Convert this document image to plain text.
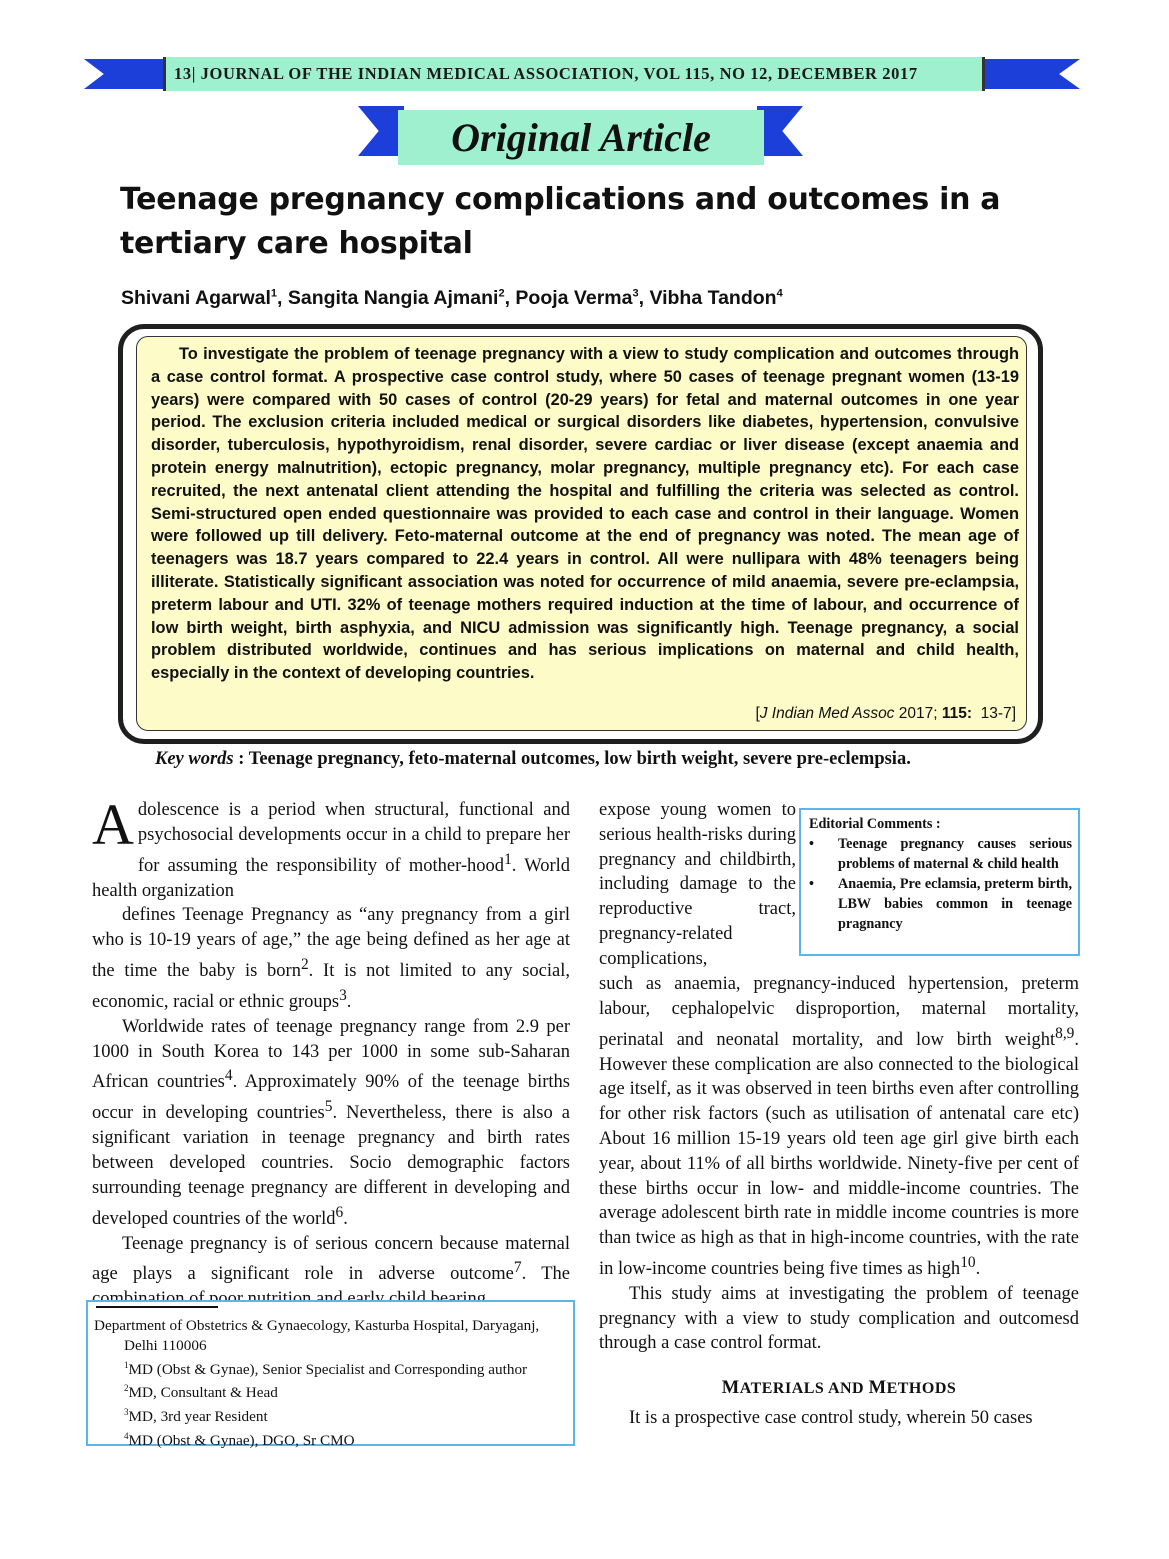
13| JOURNAL OF THE INDIAN MEDICAL ASSOCIATION, VOL 115, NO 12, DECEMBER 2017
Original Article
Teenage pregnancy complications and outcomes in a tertiary care hospital
Shivani Agarwal$^1$, Sangita Nangia Ajmani$^2$, Pooja Verma$^3$, Vibha Tandon$^4$
To investigate the problem of teenage pregnancy with a view to study complication and outcomes through a case control format. A prospective case control study, where 50 cases of teenage pregnant women (13-19 years) were compared with 50 cases of control (20-29 years) for fetal and maternal outcomes in one year period. The exclusion criteria included medical or surgical disorders like diabetes, hypertension, convulsive disorder, tuberculosis, hypothyroidism, renal disorder, severe cardiac or liver disease (except anaemia and protein energy malnutrition), ectopic pregnancy, molar pregnancy, multiple pregnancy etc). For each case recruited, the next antenatal client attending the hospital and fulfilling the criteria was selected as control. Semi-structured open ended questionnaire was provided to each case and control in their language. Women were followed up till delivery. Feto-maternal outcome at the end of pregnancy was noted. The mean age of teenagers was 18.7 years compared to 22.4 years in control. All were nullipara with 48% teenagers being illiterate. Statistically significant association was noted for occurrence of mild anaemia, severe pre-eclampsia, preterm labour and UTI. 32% of teenage mothers required induction at the time of labour, and occurrence of low birth weight, birth asphyxia, and NICU admission was significantly high. Teenage pregnancy, a social problem distributed worldwide, continues and has serious implications on maternal and child health, especially in the context of developing countries.
[J Indian Med Assoc 2017; 115: 13-7]
Key words : Teenage pregnancy, feto-maternal outcomes, low birth weight, severe pre-eclempsia.

Adolescence is a period when structural, functional and psychosocial developments occur in a child to prepare her for assuming the responsibility of mother-hood$^1$. World health organization

defines Teenage Pregnancy as “any pregnancy from a girl who is 10-19 years of age,” the age being defined as her age at the time the baby is born$^2$. It is not limited to any social, economic, racial or ethnic groups$^3$.

Worldwide rates of teenage pregnancy range from 2.9 per 1000 in South Korea to 143 per 1000 in some sub-Saharan African countries$^4$. Approximately 90% of the teenage births occur in developing countries$^5$. Nevertheless, there is also a significant variation in teenage pregnancy and birth rates between developed countries. Socio demographic factors surrounding teenage pregnancy are different in developing and developed countries of the world$^6$.

Teenage pregnancy is of serious concern because maternal age plays a significant role in adverse outcome$^7$. The

Department of Obstetrics & Gynaecology, Kasturba Hospital, Daryaganj,
Delhi 110006
$^1$MD (Obst & Gynae), Senior Specialist and Corresponding author
$^2$MD, Consultant & Head
$^3$MD, 3rd year Resident
$^4$MD (Obst & Gynae), DGO, Sr CMO

expose young women to serious health-risks during pregnancy and childbirth, including damage to the reproductive tract, pregnancy-related complications,

Editorial Comments :
• Teenage pregnancy causes serious problems of maternal & child health
• Anaemia, Pre eclamsia, preterm birth, LBW babies common in teenage pragnancy

such as anaemia, pregnancy-induced hypertension, preterm labour, cephalopelvic disproportion, maternal mortality, perinatal and neonatal mortality, and low birth weight$^{8,9}$. However these complication are also connected to the biological age itself, as it was observed in teen births even after controlling for other risk factors (such as utilisation of antenatal care etc) About 16 million 15-19 years old teen age girl give birth each year, about 11% of all births worldwide. Ninety-five per cent of these births occur in low- and middle-income countries. The average adolescent birth rate in middle income countries is more than twice as high as that in high-income countries, with the rate in low-income countries being five times as high$^{10}$.

This study aims at investigating the problem of teenage pregnancy with a view to study complication and outcomesd through a case control format.

MATERIALS AND METHODS

It is a prospective case control study, wherein 50 cases
